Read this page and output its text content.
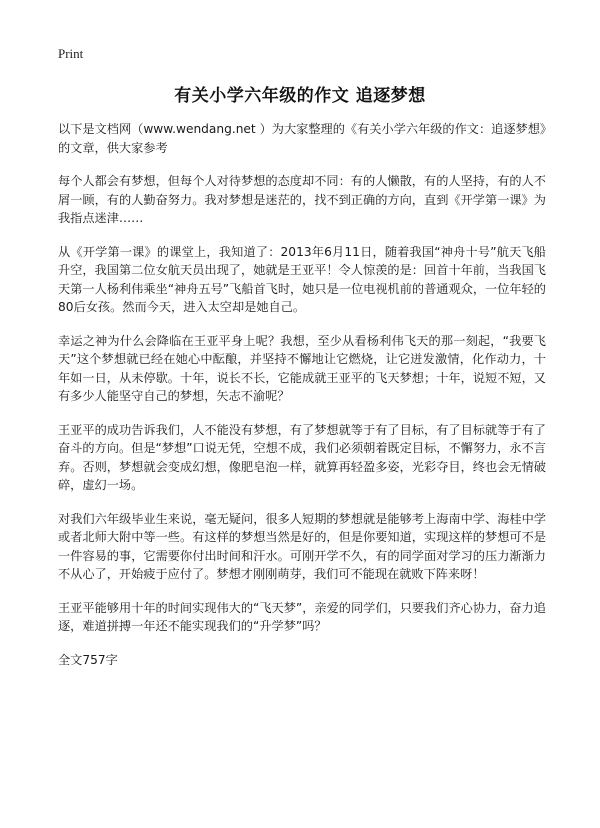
Print
有关小学六年级的作文 追逐梦想

以下是文档网（www.wendang.net ）为大家整理的《有关小学六年级的作文：追逐梦想》的文章，供大家参考

每个人都会有梦想，但每个人对待梦想的态度却不同：有的人懒散，有的人坚持，有的人不屑一顾，有的人勤奋努力。我对梦想是迷茫的，找不到正确的方向，直到《开学第一课》为我指点迷津……

从《开学第一课》的课堂上，我知道了：2013年6月11日，随着我国“神舟十号”航天飞船升空，我国第二位女航天员出现了，她就是王亚平！令人惊羡的是：回首十年前，当我国飞天第一人杨利伟乘坐“神舟五号”飞船首飞时，她只是一位电视机前的普通观众，一位年轻的80后女孩。然而今天，进入太空却是她自己。

幸运之神为什么会降临在王亚平身上呢？我想，至少从看杨利伟飞天的那一刻起，“我要飞天”这个梦想就已经在她心中酝酿，并坚持不懈地让它燃烧，让它迸发激情，化作动力，十年如一日，从未停歇。十年，说长不长，它能成就王亚平的飞天梦想；十年，说短不短，又有多少人能坚守自己的梦想，矢志不渝呢？

王亚平的成功告诉我们，人不能没有梦想，有了梦想就等于有了目标，有了目标就等于有了奋斗的方向。但是“梦想”口说无凭，空想不成，我们必须朝着既定目标，不懈努力，永不言弃。否则，梦想就会变成幻想，像肥皂泡一样，就算再轻盈多姿，光彩夺目，终也会无情破碎，虚幻一场。

对我们六年级毕业生来说，毫无疑问，很多人短期的梦想就是能够考上海南中学、海桂中学或者北师大附中等一些。有这样的梦想当然是好的，但是你要知道，实现这样的梦想可不是一件容易的事，它需要你付出时间和汗水。可刚开学不久，有的同学面对学习的压力渐渐力不从心了，开始疲于应付了。梦想才刚刚萌芽，我们可不能现在就败下阵来呀！

王亚平能够用十年的时间实现伟大的“飞天梦”，亲爱的同学们，只要我们齐心协力，奋力追逐，难道拼搏一年还不能实现我们的“升学梦”吗？

全文757字
